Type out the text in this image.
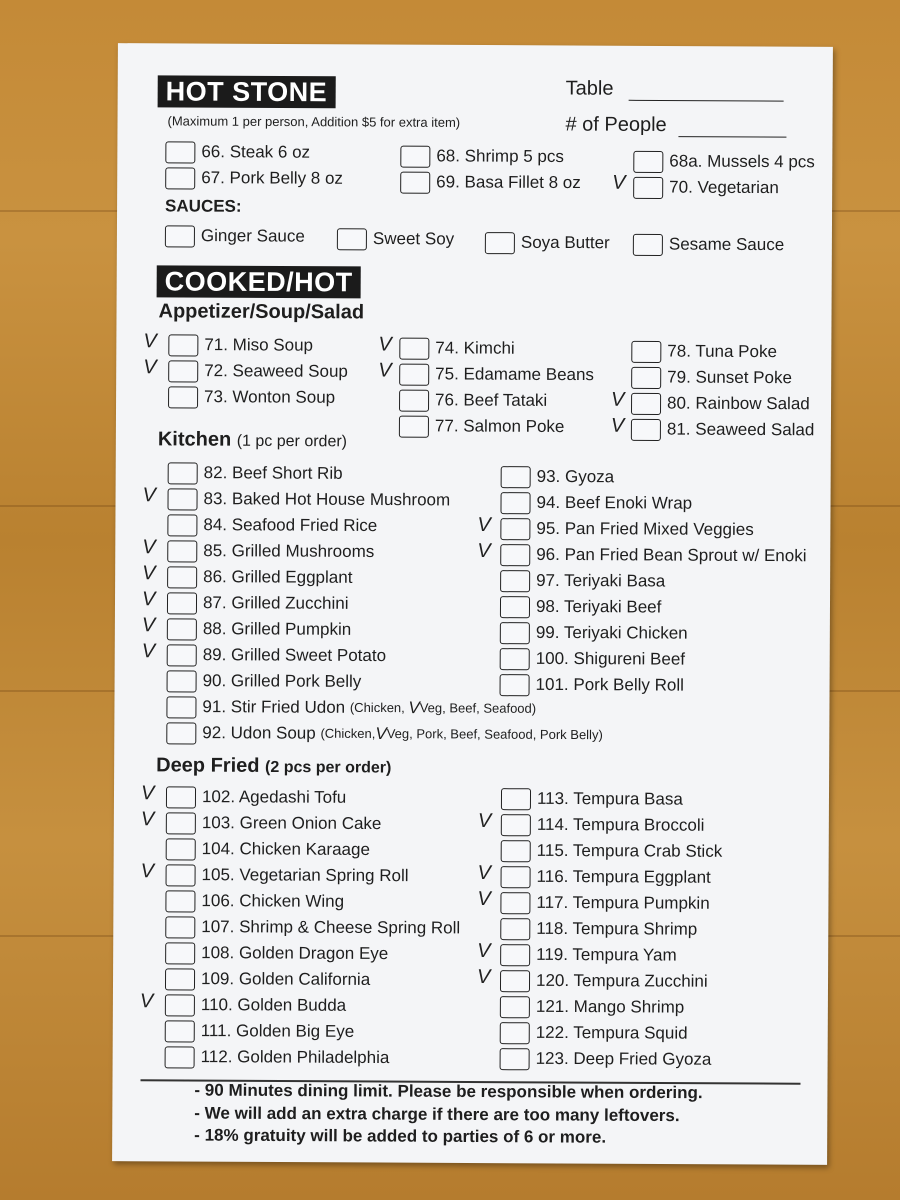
HOT STONE
(Maximum 1 per person, Addition $5 for extra item)
Table
# of People
66. Steak 6 oz
67. Pork Belly 8 oz
68. Shrimp 5 pcs
69. Basa Fillet 8 oz
68a. Mussels 4 pcs
V	70. Vegetarian
SAUCES:
Ginger Sauce	Sweet Soy	Soya Butter	Sesame Sauce
COOKED/HOT
Appetizer/Soup/Salad
V	71. Miso Soup
V	72. Seaweed Soup
73. Wonton Soup
V	74. Kimchi
V	75. Edamame Beans
76. Beef Tataki
77. Salmon Poke
78. Tuna Poke
79. Sunset Poke
V	80. Rainbow Salad
V	81. Seaweed Salad
Kitchen (1 pc per order)
82. Beef Short Rib
V	83. Baked Hot House Mushroom
84. Seafood Fried Rice
V	85. Grilled Mushrooms
V	86. Grilled Eggplant
V	87. Grilled Zucchini
V	88. Grilled Pumpkin
V	89. Grilled Sweet Potato
90. Grilled Pork Belly
93. Gyoza
94. Beef Enoki Wrap
V	95. Pan Fried Mixed Veggies
V	96. Pan Fried Bean Sprout w/ Enoki
97. Teriyaki Basa
98. Teriyaki Beef
99. Teriyaki Chicken
100. Shigureni Beef
101. Pork Belly Roll
91. Stir Fried Udon (Chicken, VVeg, Beef, Seafood)
92. Udon Soup (Chicken,VVeg, Pork, Beef, Seafood, Pork Belly)
Deep Fried (2 pcs per order)
V	102. Agedashi Tofu
V	103. Green Onion Cake
104. Chicken Karaage
V	105. Vegetarian Spring Roll
106. Chicken Wing
107. Shrimp & Cheese Spring Roll
108. Golden Dragon Eye
109. Golden California
V	110. Golden Budda
111. Golden Big Eye
112. Golden Philadelphia
113. Tempura Basa
V	114. Tempura Broccoli
115. Tempura Crab Stick
V	116. Tempura Eggplant
V	117. Tempura Pumpkin
118. Tempura Shrimp
V	119. Tempura Yam
V	120. Tempura Zucchini
121. Mango Shrimp
122. Tempura Squid
123. Deep Fried Gyoza
- 90 Minutes dining limit. Please be responsible when ordering.
- We will add an extra charge if there are too many leftovers.
- 18% gratuity will be added to parties of 6 or more.
